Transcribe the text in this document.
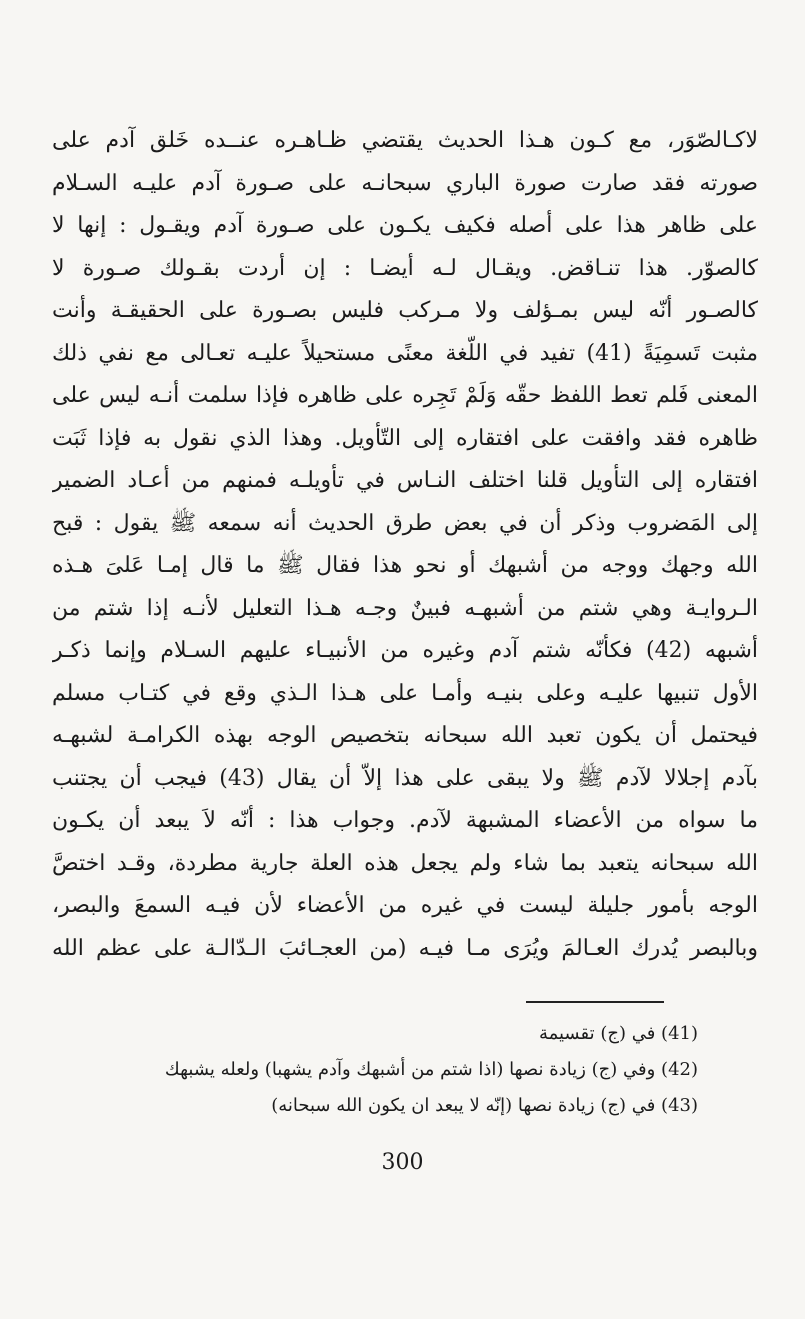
لاكـالصّوَر، مع كـون هـذا الحديث يقتضي ظـاهـره عنــده خَلق آدم على
صورته فقد صارت صورة الباري سبحانـه على صـورة آدم عليـه السـلام
على ظاهر هذا على أصله فكيف يكـون على صـورة آدم ويقـول : إنها لا
كالصوّر. هذا تنـاقض. ويقـال لـه أيضـا : إن أردت بقـولك صـورة لا
كالصـور أنّه ليس بمـؤلف ولا مـركب فليس بصـورة على الحقيقـة وأنت
مثبت تَسمِيَةً (41) تفيد في اللّغة معنًى مستحيلاً عليـه تعـالى مع نفي ذلك
المعنى فَلم تعط اللفظ حقّه وَلَمْ تَجِره على ظاهره فإذا سلمت أنـه ليس على
ظاهره فقد وافقت على افتقاره إلى التّأويل. وهذا الذي نقول به فإذا ثَبَت
افتقاره إلى التأويل قلنا اختلف النـاس في تأويلـه فمنهم من أعـاد الضمير
إلى المَضروب وذكر أن في بعض طرق الحديث أنه سمعه ﷺ يقول : قبح
الله وجهك ووجه من أشبهك أو نحو هذا فقال ﷺ ما قال إمـا عَلىَ هـذه
الـروايـة وهي شتم من أشبهـه فبينٌ وجـه هـذا التعليل لأنـه إذا شتم من
أشبهه (42) فكأنّه شتم آدم وغيره من الأنبيـاء عليهم السـلام وإنما ذكـر
الأول تنبيها عليـه وعلى بنيـه وأمـا على هـذا الـذي وقع في كتـاب مسلم
فيحتمل أن يكون تعبد الله سبحانه بتخصيص الوجه بهذه الكرامـة لشبهـه
بآدم إجلالا لآدم ﷺ ولا يبقى على هذا إلاّ أن يقال (43) فيجب أن يجتنب
ما سواه من الأعضاء المشبهة لآدم. وجواب هذا : أنّه لاَ يبعد أن يكـون
الله سبحانه يتعبد بما شاء ولم يجعل هذه العلة جارية مطردة، وقـد اختصَّ
الوجه بأمور جليلة ليست في غيره من الأعضاء لأن فيـه السمعَ والبصر،
وبالبصر يُدرك العـالمَ ويُرَى مـا فيـه (من العجـائبَ الـدّالـة على عظم الله
(41) في (ج) تقسيمة
(42) وفي (ج) زيادة نصها (اذا شتم من أشبهك وآدم يشهبا) ولعله يشبهك
(43) في (ج) زيادة نصها (إنّه لا يبعد ان يكون الله سبحانه)
300
